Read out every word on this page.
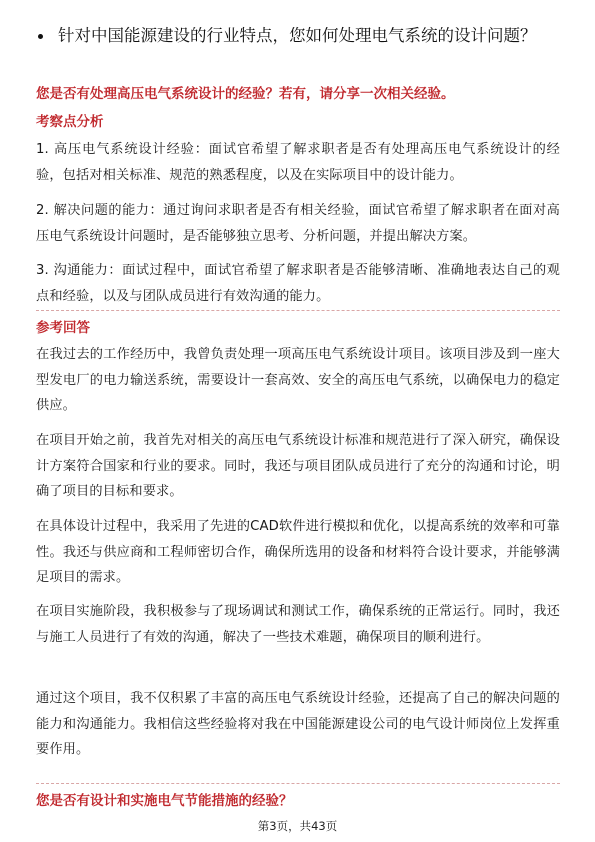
针对中国能源建设的行业特点，您如何处理电气系统的设计问题？
您是否有处理高压电气系统设计的经验？若有，请分享一次相关经验。
考察点分析
1. 高压电气系统设计经验：面试官希望了解求职者是否有处理高压电气系统设计的经验，包括对相关标准、规范的熟悉程度，以及在实际项目中的设计能力。
2. 解决问题的能力：通过询问求职者是否有相关经验，面试官希望了解求职者在面对高压电气系统设计问题时，是否能够独立思考、分析问题，并提出解决方案。
3. 沟通能力：面试过程中，面试官希望了解求职者是否能够清晰、准确地表达自己的观点和经验，以及与团队成员进行有效沟通的能力。
参考回答
在我过去的工作经历中，我曾负责处理一项高压电气系统设计项目。该项目涉及到一座大型发电厂的电力输送系统，需要设计一套高效、安全的高压电气系统，以确保电力的稳定供应。
在项目开始之前，我首先对相关的高压电气系统设计标准和规范进行了深入研究，确保设计方案符合国家和行业的要求。同时，我还与项目团队成员进行了充分的沟通和讨论，明确了项目的目标和要求。
在具体设计过程中，我采用了先进的CAD软件进行模拟和优化，以提高系统的效率和可靠性。我还与供应商和工程师密切合作，确保所选用的设备和材料符合设计要求，并能够满足项目的需求。
在项目实施阶段，我积极参与了现场调试和测试工作，确保系统的正常运行。同时，我还与施工人员进行了有效的沟通，解决了一些技术难题，确保项目的顺利进行。
通过这个项目，我不仅积累了丰富的高压电气系统设计经验，还提高了自己的解决问题的能力和沟通能力。我相信这些经验将对我在中国能源建设公司的电气设计师岗位上发挥重要作用。
您是否有设计和实施电气节能措施的经验？
第3页，共43页
